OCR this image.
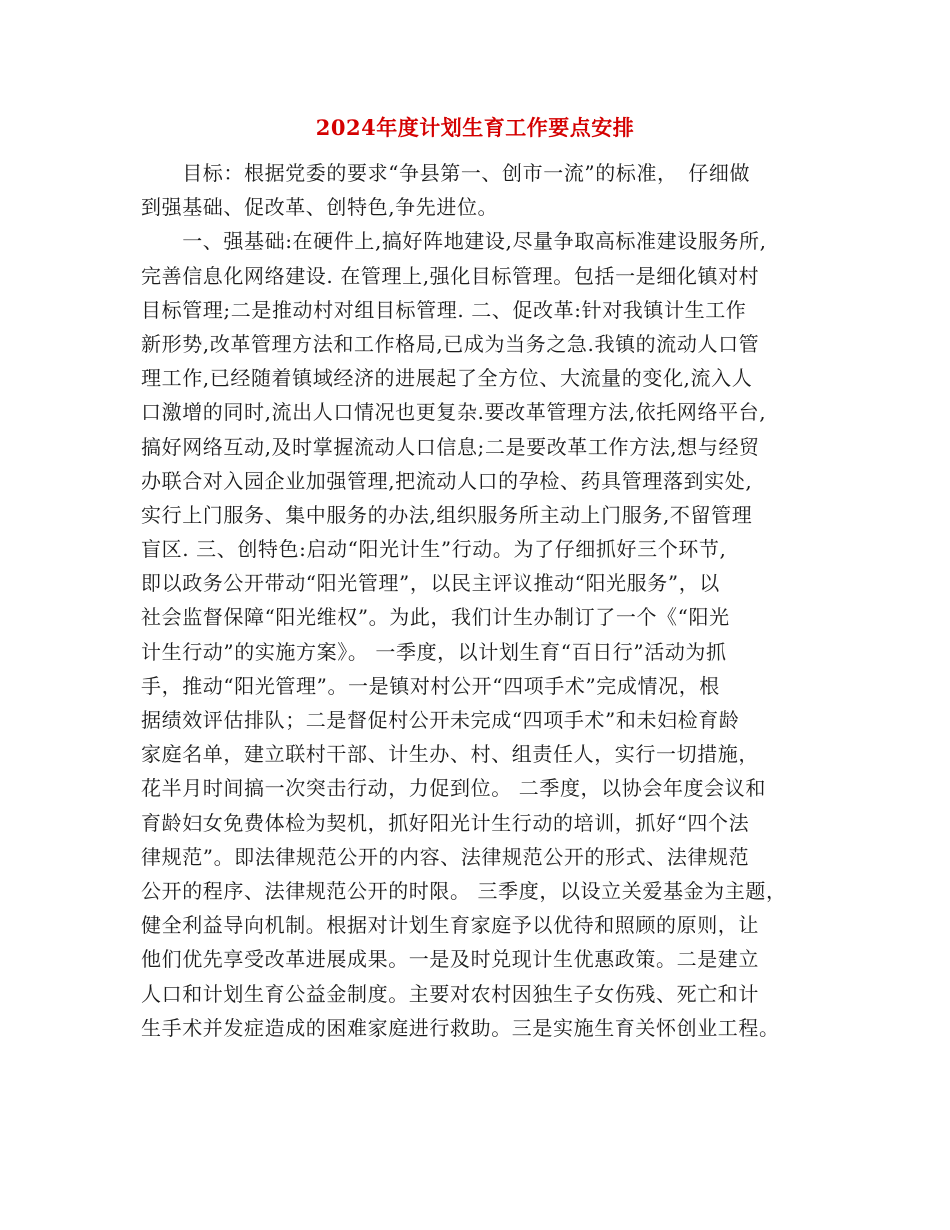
2024年度计划生育工作要点安排
　　目标：根据党委的要求“争县第一、创市一流”的标准，　仔细做
到强基础、促改革、创特色,争先进位。
　　一、强基础:在硬件上,搞好阵地建设,尽量争取高标准建设服务所,
完善信息化网络建设. 在管理上,强化目标管理。包括一是细化镇对村
目标管理;二是推动村对组目标管理. 二、促改革:针对我镇计生工作
新形势,改革管理方法和工作格局,已成为当务之急.我镇的流动人口管
理工作,已经随着镇域经济的进展起了全方位、大流量的变化,流入人
口激增的同时,流出人口情况也更复杂.要改革管理方法,依托网络平台,
搞好网络互动,及时掌握流动人口信息;二是要改革工作方法,想与经贸
办联合对入园企业加强管理,把流动人口的孕检、药具管理落到实处,
实行上门服务、集中服务的办法,组织服务所主动上门服务,不留管理
盲区. 三、创特色:启动“阳光计生”行动。为了仔细抓好三个环节,
即以政务公开带动“阳光管理”，以民主评议推动“阳光服务”，以
社会监督保障“阳光维权”。为此，我们计生办制订了一个《“阳光
计生行动”的实施方案》。 一季度，以计划生育“百日行”活动为抓
手，推动“阳光管理”。一是镇对村公开“四项手术”完成情况，根
据绩效评估排队；二是督促村公开未完成“四项手术”和未妇检育龄
家庭名单，建立联村干部、计生办、村、组责任人，实行一切措施，
花半月时间搞一次突击行动，力促到位。 二季度，以协会年度会议和
育龄妇女免费体检为契机，抓好阳光计生行动的培训，抓好“四个法
律规范”。即法律规范公开的内容、法律规范公开的形式、法律规范
公开的程序、法律规范公开的时限。 三季度，以设立关爱基金为主题，
健全利益导向机制。根据对计划生育家庭予以优待和照顾的原则，让
他们优先享受改革进展成果。一是及时兑现计生优惠政策。二是建立
人口和计划生育公益金制度。主要对农村因独生子女伤残、死亡和计
生手术并发症造成的困难家庭进行救助。三是实施生育关怀创业工程。
